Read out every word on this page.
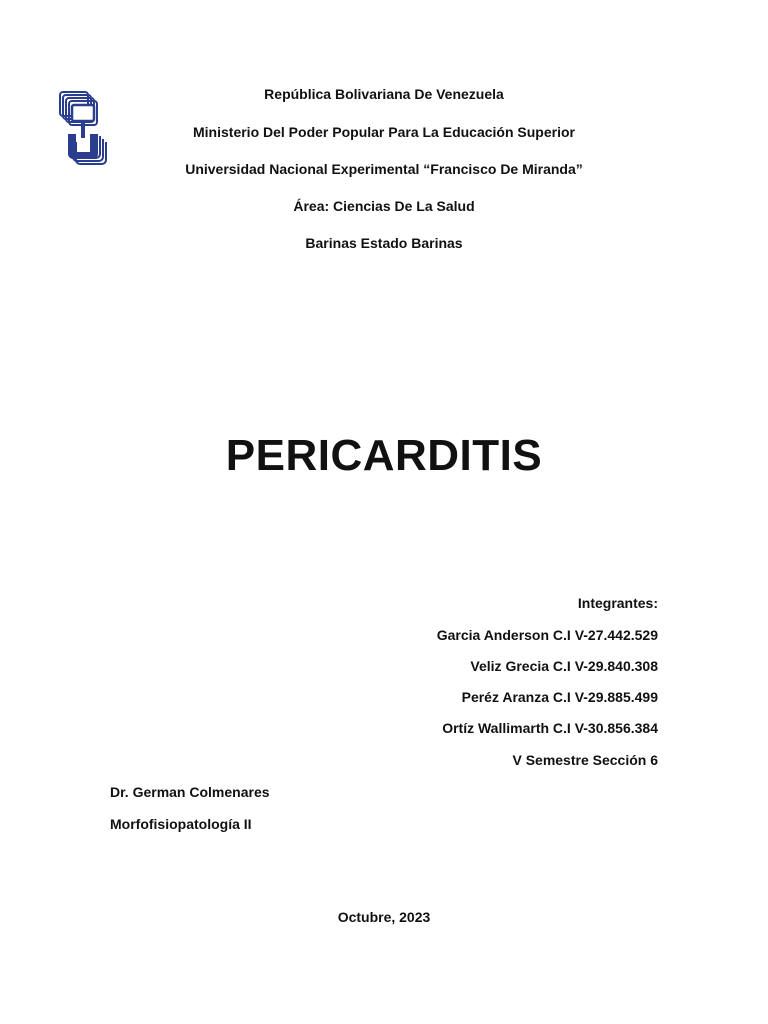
República Bolivariana De Venezuela

Ministerio Del Poder Popular Para La Educación Superior

Universidad Nacional Experimental “Francisco De Miranda”

Área: Ciencias De La Salud

Barinas Estado Barinas

PERICARDITIS

Integrantes:

Garcia Anderson C.I V-27.442.529

Veliz Grecia C.I V-29.840.308

Peréz Aranza C.I V-29.885.499

Ortíz Wallimarth C.I V-30.856.384

V Semestre Sección 6

Dr. German Colmenares

Morfofisiopatología II

Octubre, 2023
